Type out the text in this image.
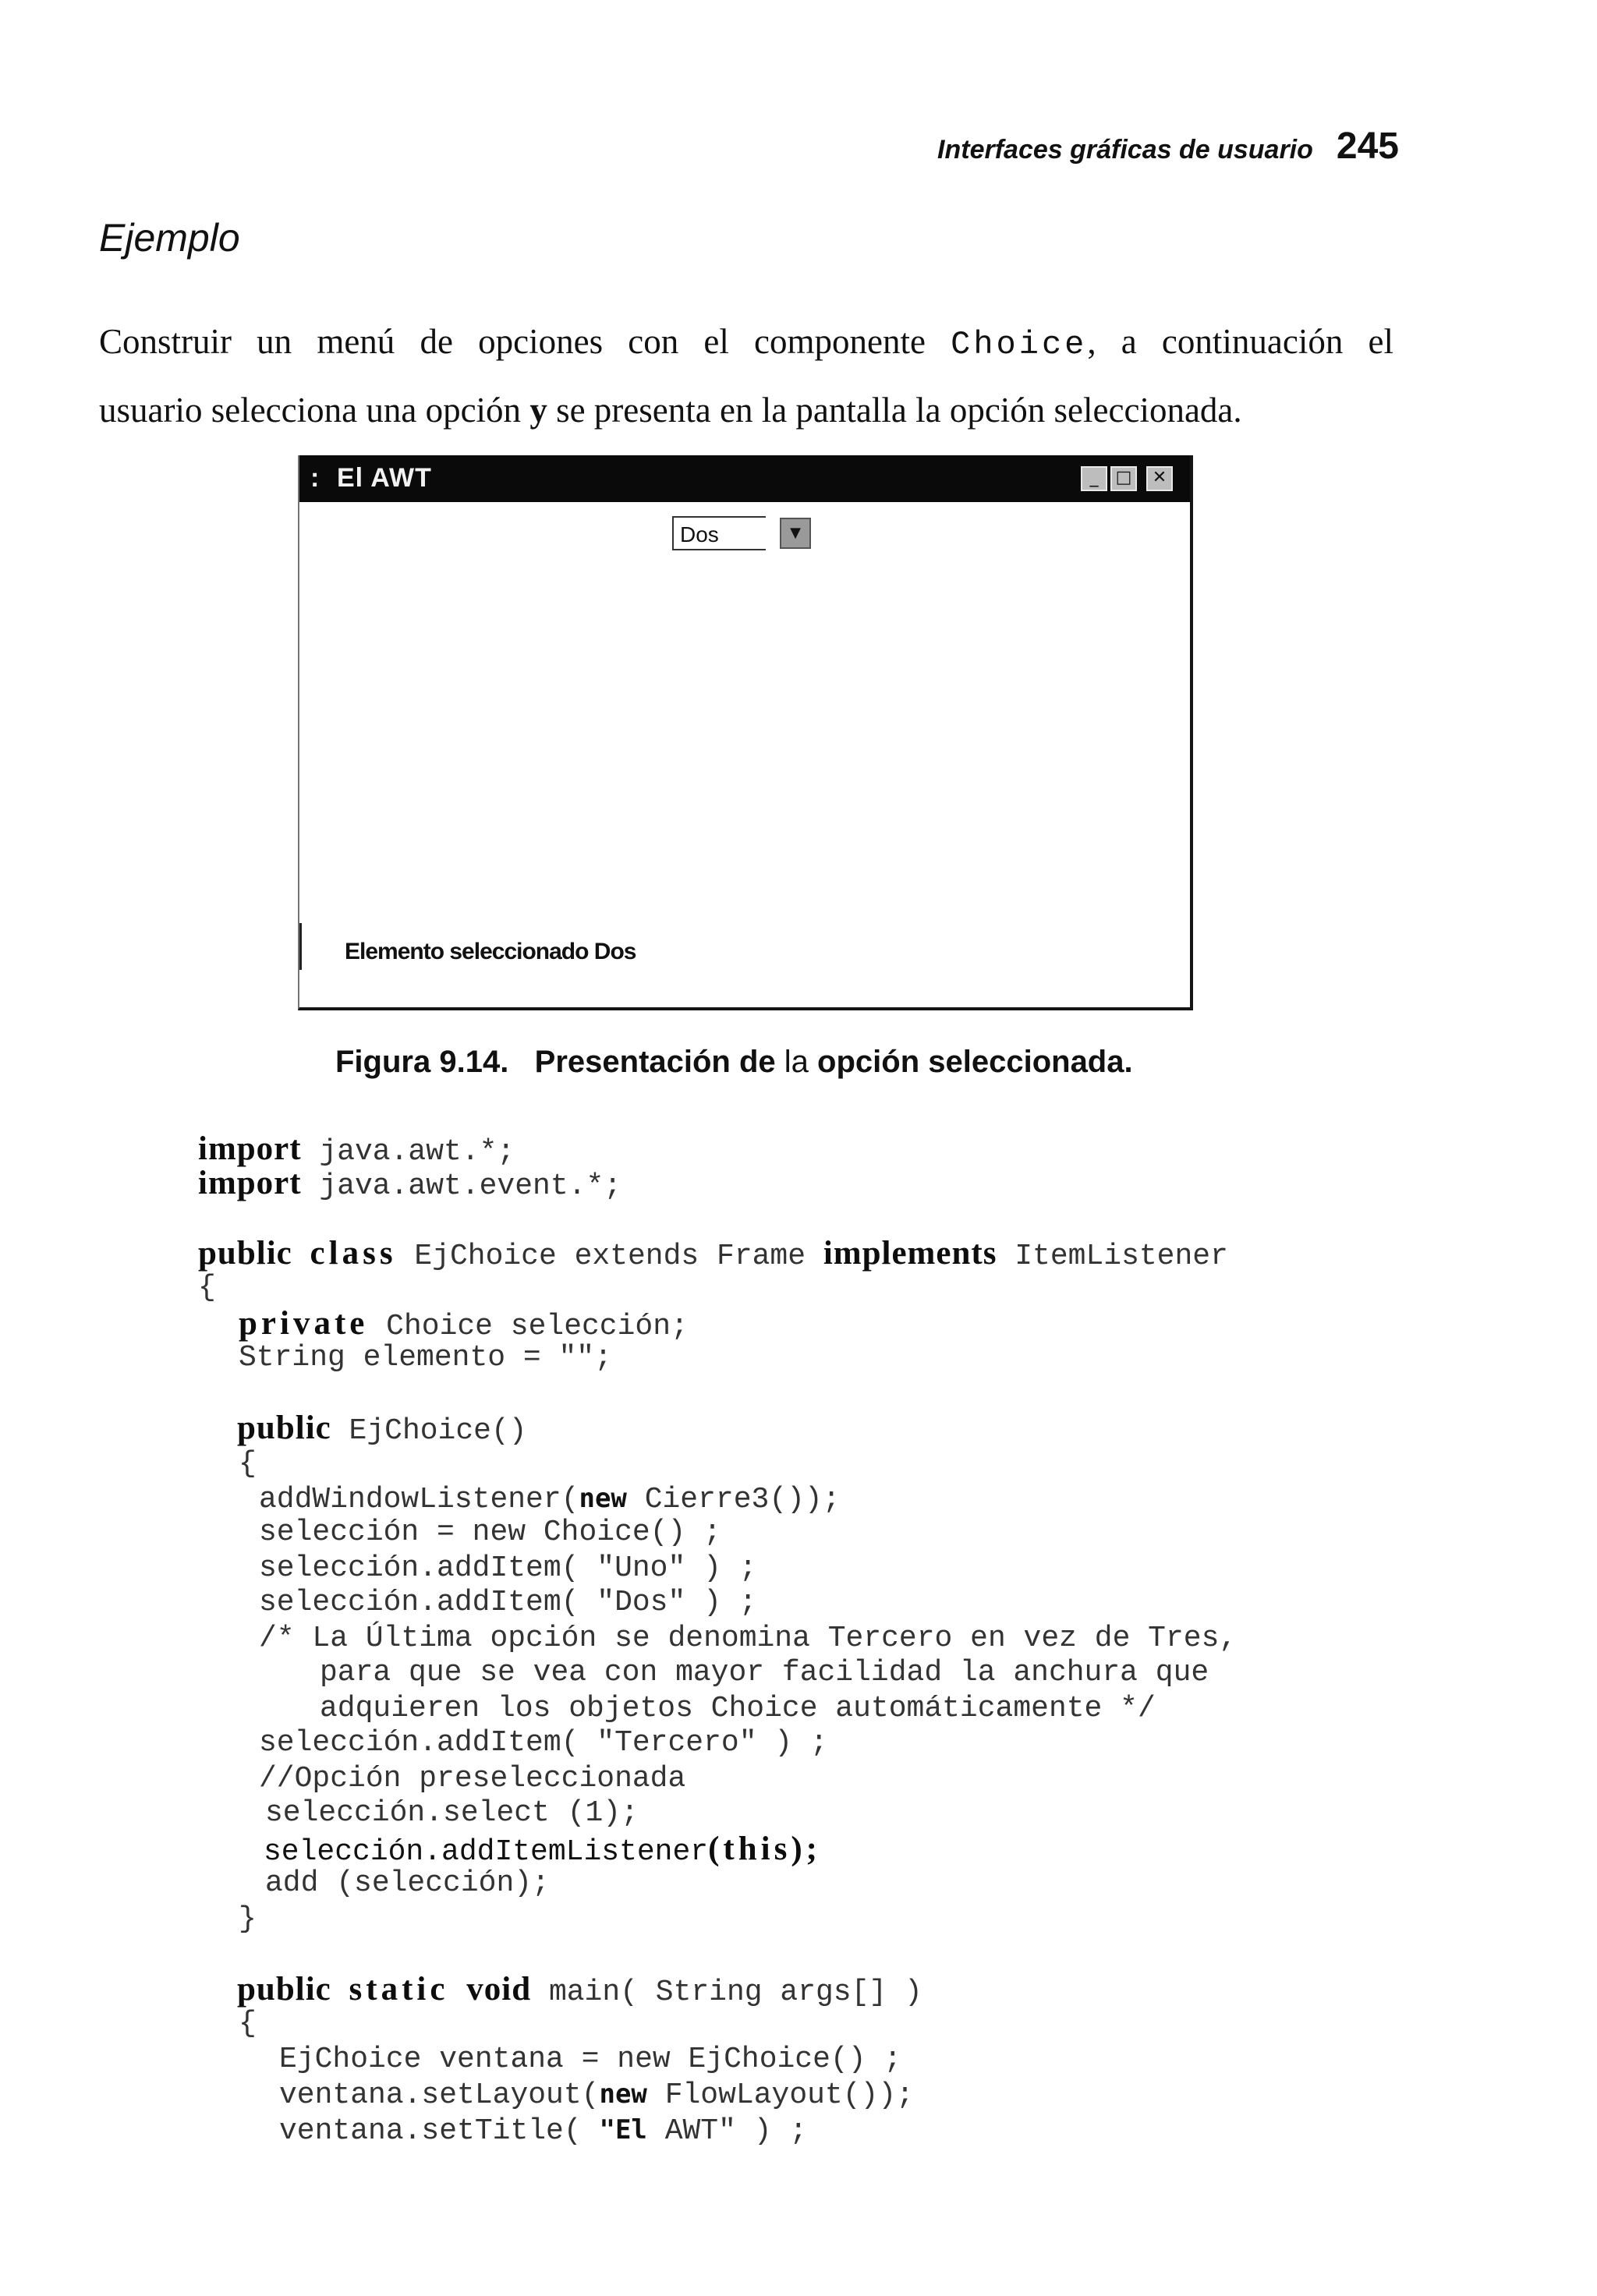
Interfaces gráficas de usuario 245
Ejemplo
Construir un menú de opciones con el componente Choice, a continuación el
usuario selecciona una opción y se presenta en la pantalla la opción seleccionada.
: El AWT	_	□	✕
Dos	▼
Elemento seleccionado Dos
Figura 9.14. Presentación de la opción seleccionada.
import java.awt.*;
import java.awt.event.*;
public class EjChoice extends Frame implements ItemListener
{
private Choice selección;
String elemento = "";
public EjChoice()
{
addWindowListener(new Cierre3());
selección = new Choice() ;
selección.addItem( "Uno" ) ;
selección.addItem( "Dos" ) ;
/* La Última opción se denomina Tercero en vez de Tres,
para que se vea con mayor facilidad la anchura que
adquieren los objetos Choice automáticamente */
selección.addItem( "Tercero" ) ;
//Opción preseleccionada
selección.select (1);
selección.addItemListener(this);
add (selección);
}
public static void main( String args[] )
{
EjChoice ventana = new EjChoice() ;
ventana.setLayout(new FlowLayout());
ventana.setTitle( "El AWT" ) ;
